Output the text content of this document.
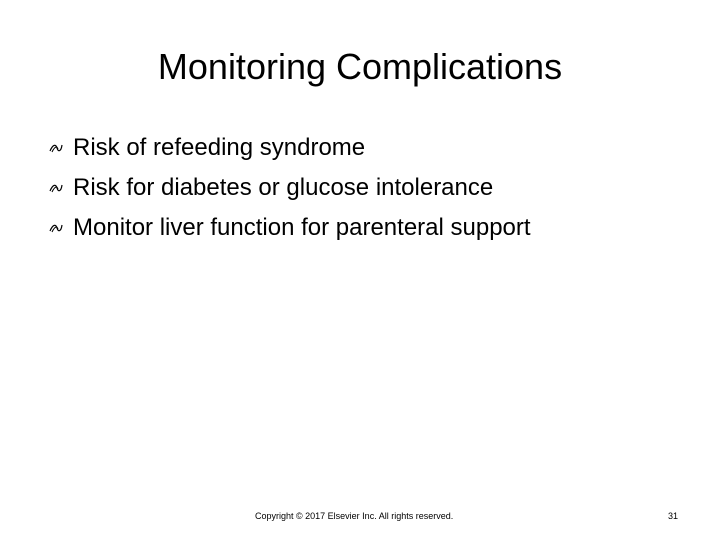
Monitoring Complications
Risk of refeeding syndrome
Risk for diabetes or glucose intolerance
Monitor liver function for parenteral support
Copyright © 2017 Elsevier Inc. All rights reserved.	31
